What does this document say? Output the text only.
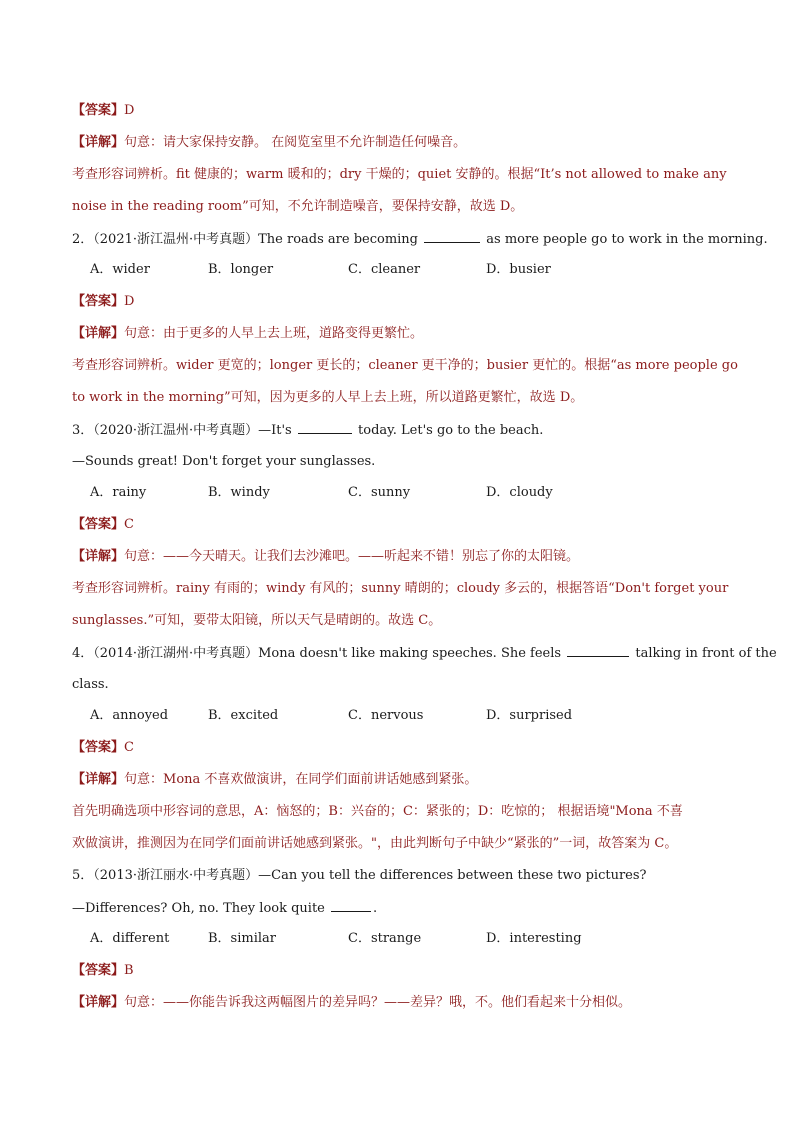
【答案】D
【详解】句意：请大家保持安静。 在阅览室里不允许制造任何噪音。
考查形容词辨析。fit 健康的；warm 暖和的；dry 干燥的；quiet 安静的。根据“It’s not allowed to make any
noise in the reading room”可知，不允许制造噪音，要保持安静，故选 D。
2．（2021·浙江温州·中考真题）The roads are becoming	as more people go to work in the morning.
A．wider	B．longer	C．cleaner	D．busier
【答案】D
【详解】句意：由于更多的人早上去上班，道路变得更繁忙。
考查形容词辨析。wider 更宽的；longer 更长的；cleaner 更干净的；busier 更忙的。根据“as more people go
to work in the morning”可知，因为更多的人早上去上班，所以道路更繁忙，故选 D。
3．（2020·浙江温州·中考真题）—It's	today. Let's go to the beach.
—Sounds great! Don't forget your sunglasses.
A．rainy	B．windy	C．sunny	D．cloudy
【答案】C
【详解】句意：——今天晴天。让我们去沙滩吧。——听起来不错！别忘了你的太阳镜。
考查形容词辨析。rainy 有雨的；windy 有风的；sunny 晴朗的；cloudy 多云的，根据答语“Don't forget your
sunglasses.”可知，要带太阳镜，所以天气是晴朗的。故选 C。
4．（2014·浙江湖州·中考真题）Mona doesn't like making speeches. She feels	talking in front of the
class.
A．annoyed	B．excited	C．nervous	D．surprised
【答案】C
【详解】句意：Mona 不喜欢做演讲，在同学们面前讲话她感到紧张。
首先明确选项中形容词的意思，A：恼怒的；B：兴奋的；C：紧张的；D：吃惊的； 根据语境"Mona 不喜
欢做演讲，推测因为在同学们面前讲话她感到紧张。"，由此判断句子中缺少“紧张的”一词，故答案为 C。
5．（2013·浙江丽水·中考真题）—Can you tell the differences between these two pictures?
—Differences? Oh, no. They look quite	.
A．different	B．similar	C．strange	D．interesting
【答案】B
【详解】句意：——你能告诉我这两幅图片的差异吗？——差异？哦，不。他们看起来十分相似。
